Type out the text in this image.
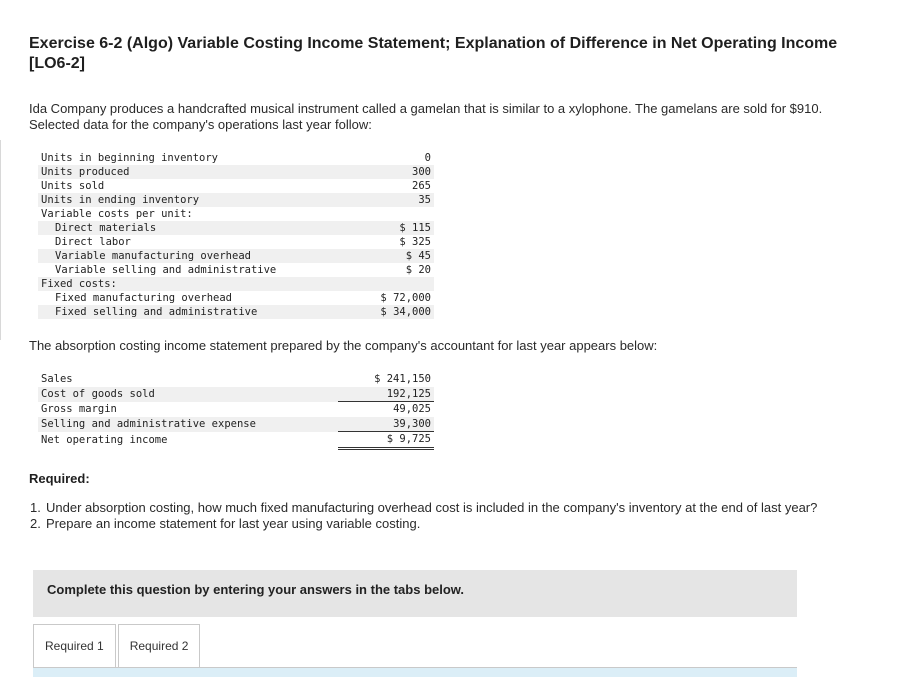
Exercise 6-2 (Algo) Variable Costing Income Statement; Explanation of Difference in Net Operating Income [LO6-2]

Ida Company produces a handcrafted musical instrument called a gamelan that is similar to a xylophone. The gamelans are sold for $910. Selected data for the company's operations last year follow:

Units in beginning inventory	0
Units produced	300
Units sold	265
Units in ending inventory	35
Variable costs per unit:	
Direct materials	$ 115
Direct labor	$ 325
Variable manufacturing overhead	$ 45
Variable selling and administrative	$ 20
Fixed costs:	
Fixed manufacturing overhead	$ 72,000
Fixed selling and administrative	$ 34,000

The absorption costing income statement prepared by the company's accountant for last year appears below:

Sales	$ 241,150
Cost of goods sold	192,125
Gross margin	49,025
Selling and administrative expense	39,300
Net operating income	$ 9,725

Required:

1. Under absorption costing, how much fixed manufacturing overhead cost is included in the company's inventory at the end of last year?
2. Prepare an income statement for last year using variable costing.
Complete this question by entering your answers in the tabs below.
Required 1	Required 2
